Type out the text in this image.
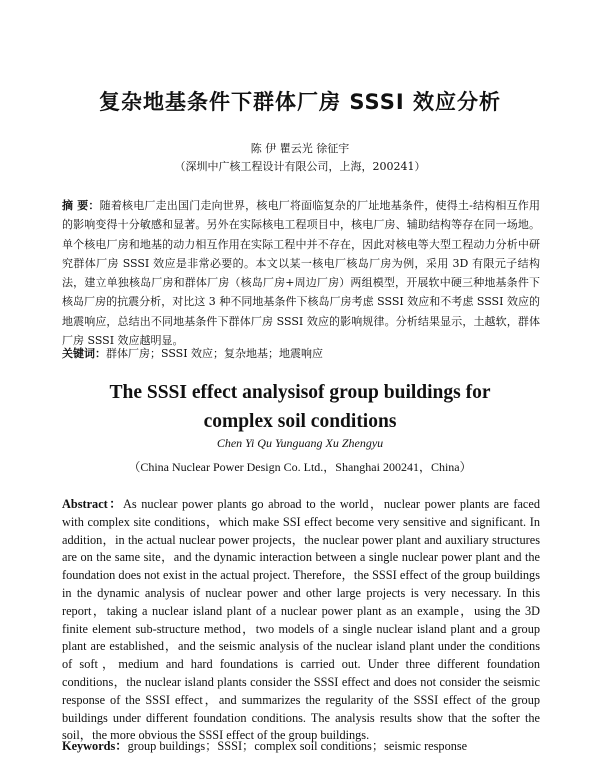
复杂地基条件下群体厂房 SSSI 效应分析
陈 伊 瞿云光 徐征宇
（深圳中广核工程设计有限公司，上海，200241）
摘 要：随着核电厂走出国门走向世界，核电厂将面临复杂的厂址地基条件，使得土-结构相互作用的影响变得十分敏感和显著。另外在实际核电工程项目中，核电厂房、辅助结构等存在同一场地。单个核电厂房和地基的动力相互作用在实际工程中并不存在，因此对核电等大型工程动力分析中研究群体厂房 SSSI 效应是非常必要的。本文以某一核电厂核岛厂房为例，采用 3D 有限元子结构法，建立单独核岛厂房和群体厂房（核岛厂房+周边厂房）两组模型，开展软中硬三种地基条件下核岛厂房的抗震分析，对比这 3 种不同地基条件下核岛厂房考虑 SSSI 效应和不考虑 SSSI 效应的地震响应，总结出不同地基条件下群体厂房 SSSI 效应的影响规律。分析结果显示，土越软，群体厂房 SSSI 效应越明显。
关键词：群体厂房；SSSI 效应；复杂地基；地震响应
The SSSI effect analysisof group buildings for
complex soil conditions
Chen Yi Qu Yunguang Xu Zhengyu
（China Nuclear Power Design Co. Ltd.，Shanghai 200241，China）
Abstract：As nuclear power plants go abroad to the world，nuclear power plants are faced with complex site conditions，which make SSI effect become very sensitive and significant. In addition，in the actual nuclear power projects，the nuclear power plant and auxiliary structures are on the same site，and the dynamic interaction between a single nuclear power plant and the foundation does not exist in the actual project. Therefore，the SSSI effect of the group buildings in the dynamic analysis of nuclear power and other large projects is very necessary. In this report，taking a nuclear island plant of a nuclear power plant as an example，using the 3D finite element sub-structure method，two models of a single nuclear island plant and a group plant are established，and the seismic analysis of the nuclear island plant under the conditions of soft，medium and hard foundations is carried out. Under three different foundation conditions，the nuclear island plants consider the SSSI effect and does not consider the seismic response of the SSSI effect，and summarizes the regularity of the SSSI effect of the group buildings under different foundation conditions. The analysis results show that the softer the soil，the more obvious the SSSI effect of the group buildings.
Keywords：group buildings；SSSI；complex soil conditions；seismic response
